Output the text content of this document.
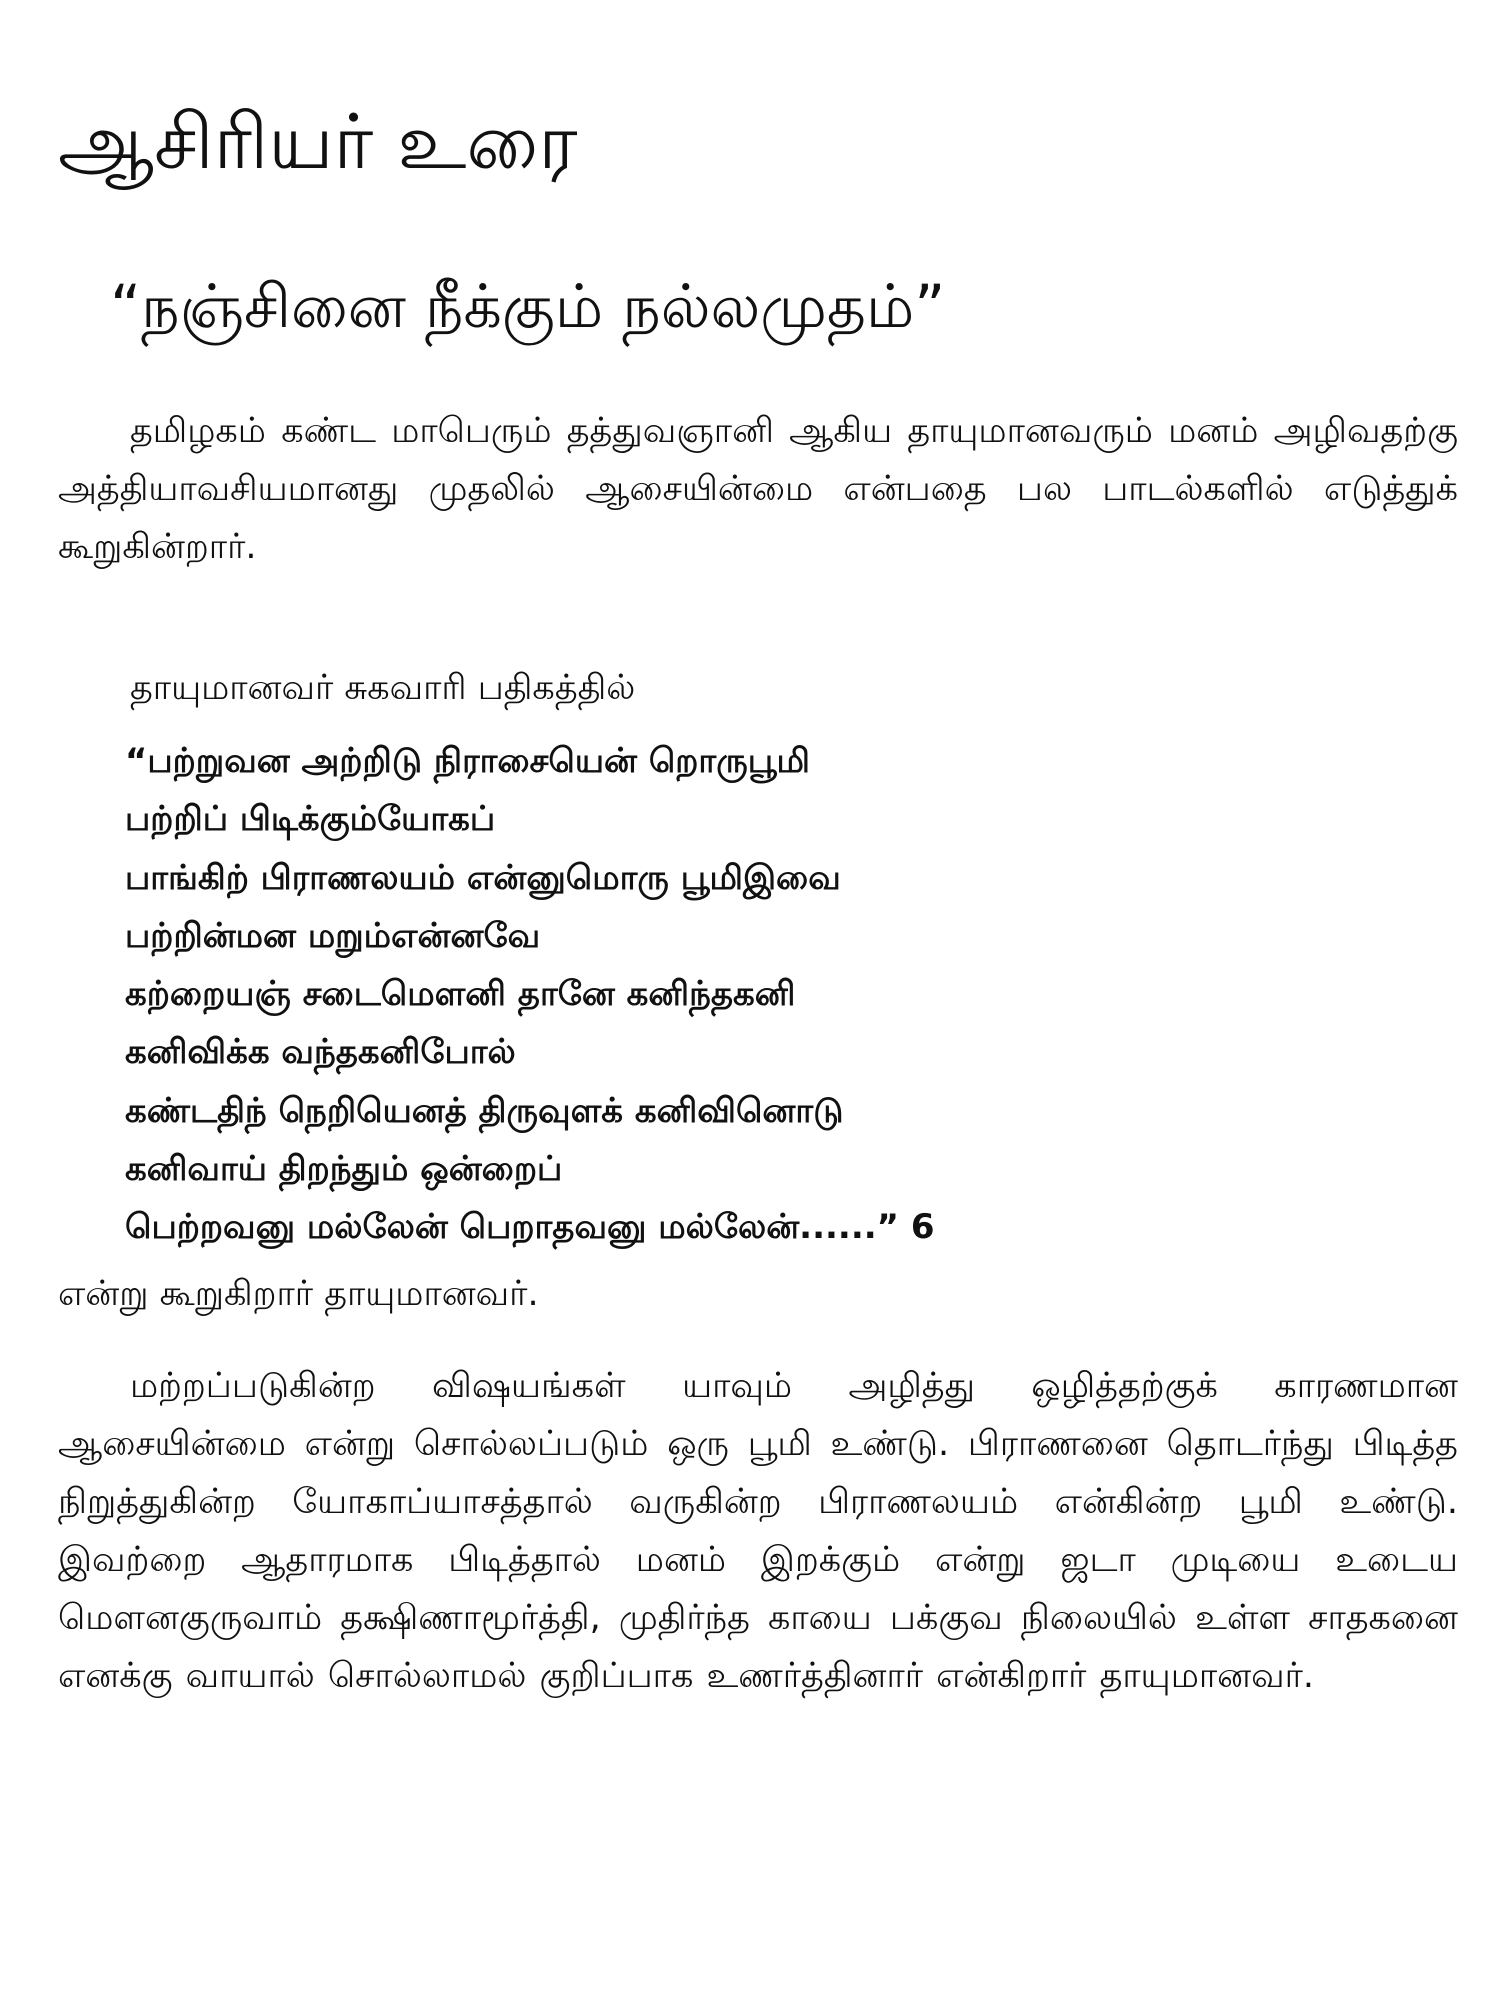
ஆசிரியர் உரை
“நஞ்சினை நீக்கும் நல்லமுதம்”

தமிழகம் கண்ட மாபெரும் தத்துவஞானி ஆகிய தாயுமானவரும் மனம் அழிவதற்கு அத்தியாவசியமானது முதலில் ஆசையின்மை என்பதை பல பாடல்களில் எடுத்துக் கூறுகின்றார்.

தாயுமானவர் சுகவாரி பதிகத்தில்

“பற்றுவன அற்றிடு நிராசையென் றொருபூமி
பற்றிப் பிடிக்கும்யோகப்
பாங்கிற் பிராணலயம் என்னுமொரு பூமிஇவை
பற்றின்மன மறும்என்னவே
கற்றையஞ் சடைமௌனி தானே கனிந்தகனி
கனிவிக்க வந்தகனிபோல்
கண்டதிந் நெறியெனத் திருவுளக் கனிவினொடு
கனிவாய் திறந்தும் ஒன்றைப்
பெற்றவனு மல்லேன் பெறாதவனு மல்லேன்......” 6

என்று கூறுகிறார் தாயுமானவர்.

மற்றப்படுகின்ற விஷயங்கள் யாவும் அழித்து ஒழித்தற்குக் காரணமான ஆசையின்மை என்று சொல்லப்படும் ஒரு பூமி உண்டு. பிராணனை தொடர்ந்து பிடித்த நிறுத்துகின்ற யோகாப்யாசத்தால் வருகின்ற பிராணலயம் என்கின்ற பூமி உண்டு. இவற்றை ஆதாரமாக பிடித்தால் மனம் இறக்கும் என்று ஜடா முடியை உடைய மௌனகுருவாம் தக்ஷிணாமூர்த்தி, முதிர்ந்த காயை பக்குவ நிலையில் உள்ள சாதகனை எனக்கு வாயால் சொல்லாமல் குறிப்பாக உணர்த்தினார் என்கிறார் தாயுமானவர்.
